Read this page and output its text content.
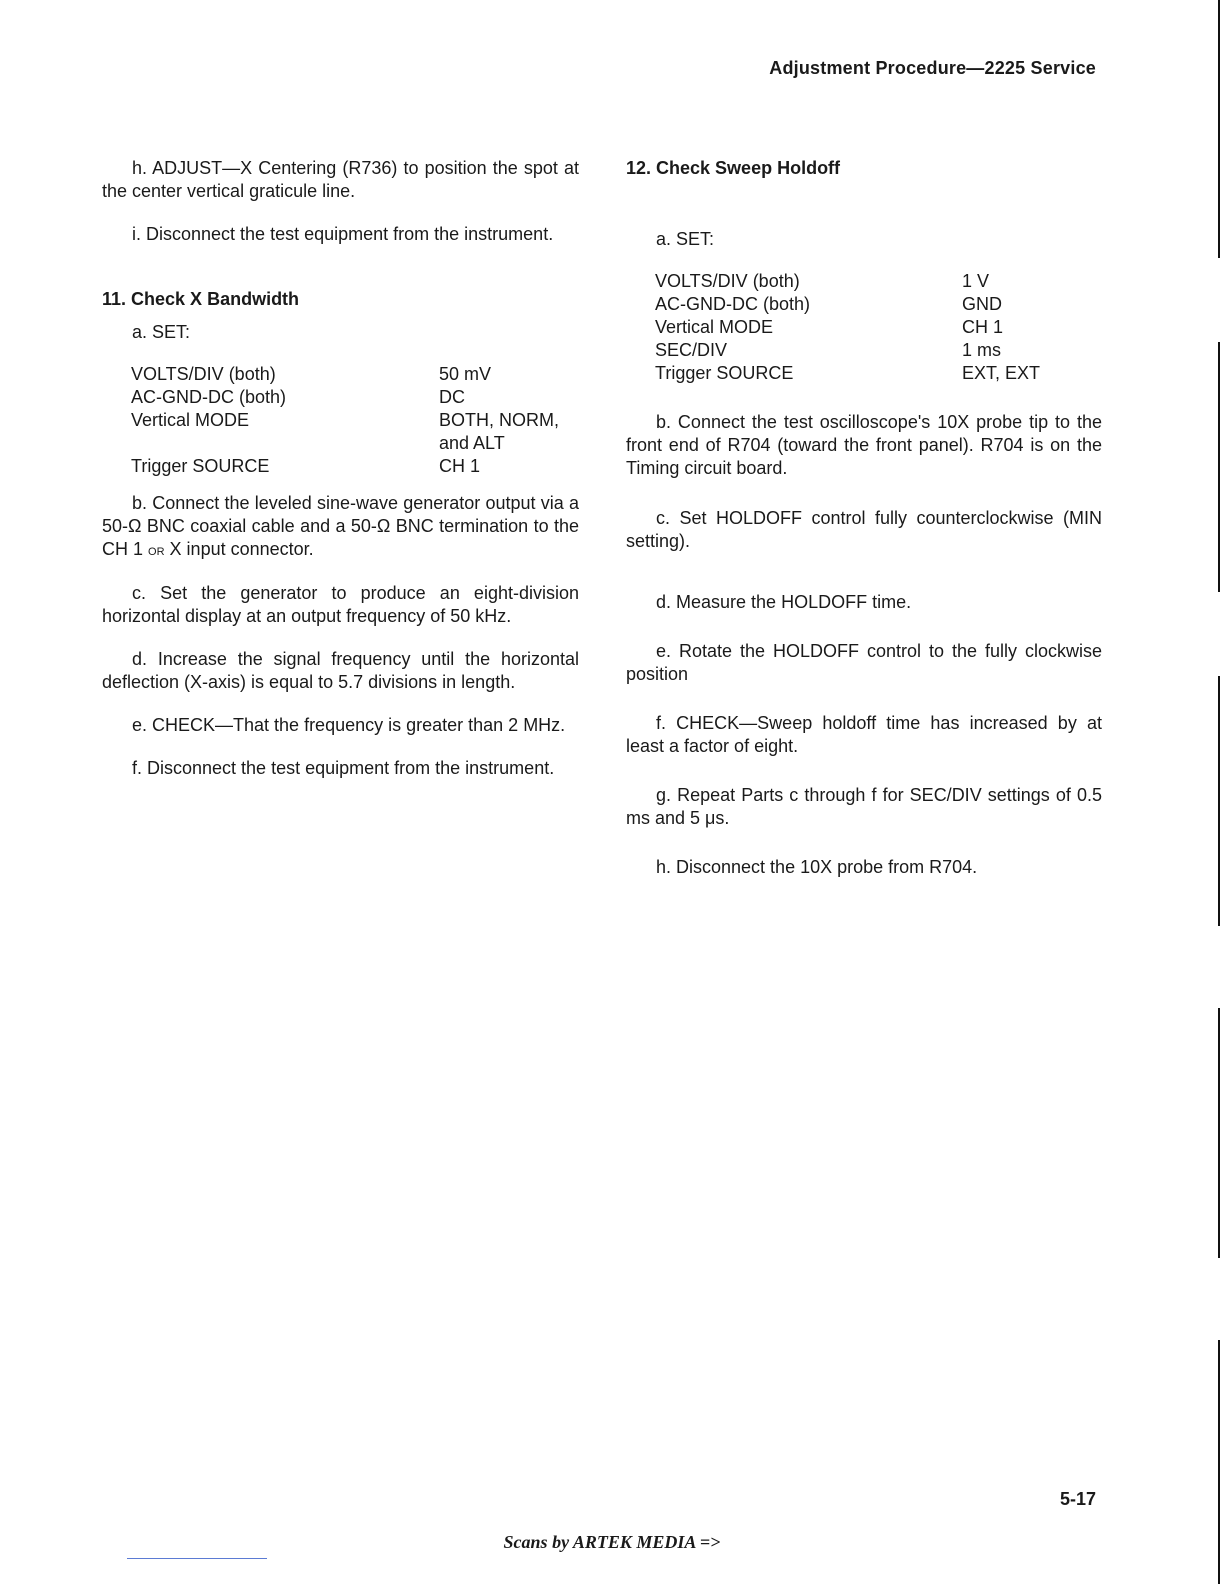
Adjustment Procedure—2225 Service

h. ADJUST—X Centering (R736) to position the spot at the center vertical graticule line.

i. Disconnect the test equipment from the instrument.

11. Check X Bandwidth

a. SET:

VOLTS/DIV (both)	50 mV
AC-GND-DC (both)	DC
Vertical MODE	BOTH, NORM, and ALT
Trigger SOURCE	CH 1

b. Connect the leveled sine-wave generator output via a 50-Ω BNC coaxial cable and a 50-Ω BNC termination to the CH 1 or X input connector.

c. Set the generator to produce an eight-division horizontal display at an output frequency of 50 kHz.

d. Increase the signal frequency until the horizontal deflection (X-axis) is equal to 5.7 divisions in length.

e. CHECK—That the frequency is greater than 2 MHz.

f. Disconnect the test equipment from the instrument.

12. Check Sweep Holdoff

a. SET:

VOLTS/DIV (both)	1 V
AC-GND-DC (both)	GND
Vertical MODE	CH 1
SEC/DIV	1 ms
Trigger SOURCE	EXT, EXT

b. Connect the test oscilloscope's 10X probe tip to the front end of R704 (toward the front panel). R704 is on the Timing circuit board.

c. Set HOLDOFF control fully counterclockwise (MIN setting).

d. Measure the HOLDOFF time.

e. Rotate the HOLDOFF control to the fully clockwise position

f. CHECK—Sweep holdoff time has increased by at least a factor of eight.

g. Repeat Parts c through f for SEC/DIV settings of 0.5 ms and 5 μs.

h. Disconnect the 10X probe from R704.

5-17
Scans by ARTEK MEDIA =>
